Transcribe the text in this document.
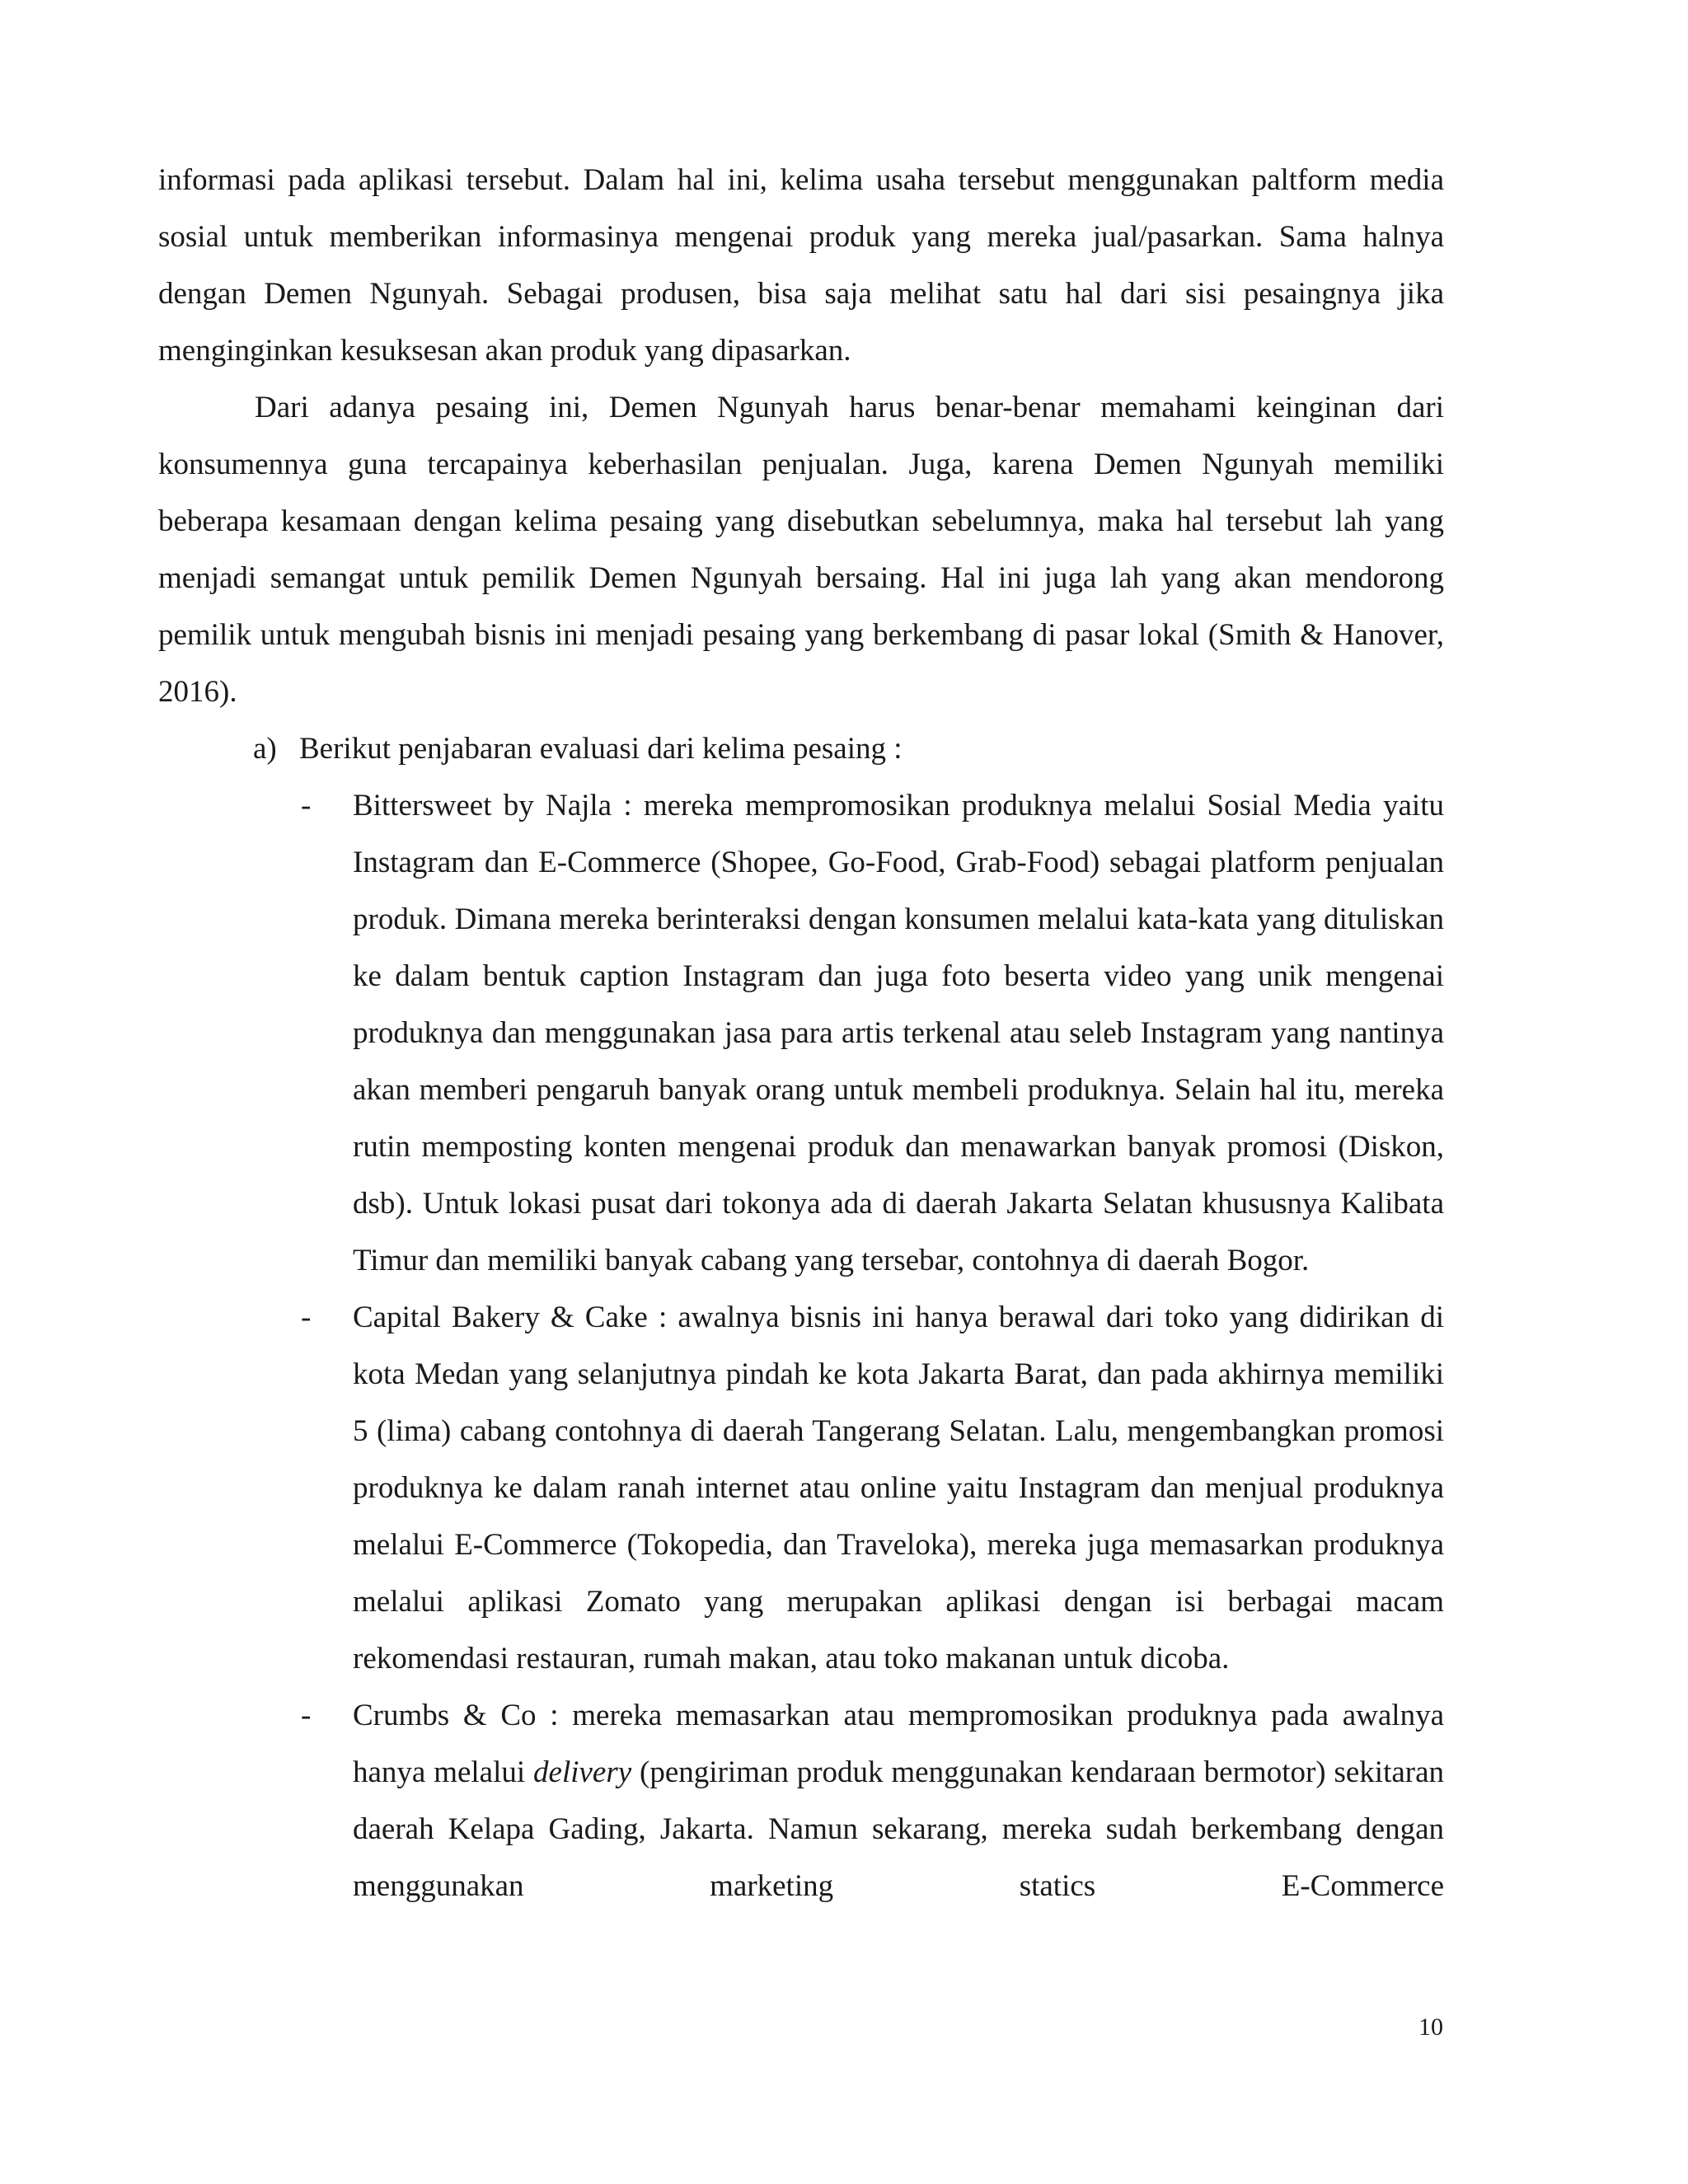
informasi pada aplikasi tersebut. Dalam hal ini, kelima usaha tersebut menggunakan paltform media sosial untuk memberikan informasinya mengenai produk yang mereka jual/pasarkan. Sama halnya dengan Demen Ngunyah. Sebagai produsen, bisa saja melihat satu hal dari sisi pesaingnya jika menginginkan kesuksesan akan produk yang dipasarkan.

Dari adanya pesaing ini, Demen Ngunyah harus benar-benar memahami keinginan dari konsumennya guna tercapainya keberhasilan penjualan. Juga, karena Demen Ngunyah memiliki beberapa kesamaan dengan kelima pesaing yang disebutkan sebelumnya, maka hal tersebut lah yang menjadi semangat untuk pemilik Demen Ngunyah bersaing. Hal ini juga lah yang akan mendorong pemilik untuk mengubah bisnis ini menjadi pesaing yang berkembang di pasar lokal (Smith & Hanover, 2016).

a) Berikut penjabaran evaluasi dari kelima pesaing :
- Bittersweet by Najla : mereka mempromosikan produknya melalui Sosial Media yaitu Instagram dan E-Commerce (Shopee, Go-Food, Grab-Food) sebagai platform penjualan produk. Dimana mereka berinteraksi dengan konsumen melalui kata-kata yang dituliskan ke dalam bentuk caption Instagram dan juga foto beserta video yang unik mengenai produknya dan menggunakan jasa para artis terkenal atau seleb Instagram yang nantinya akan memberi pengaruh banyak orang untuk membeli produknya. Selain hal itu, mereka rutin memposting konten mengenai produk dan menawarkan banyak promosi (Diskon, dsb). Untuk lokasi pusat dari tokonya ada di daerah Jakarta Selatan khususnya Kalibata Timur dan memiliki banyak cabang yang tersebar, contohnya di daerah Bogor.
- Capital Bakery & Cake : awalnya bisnis ini hanya berawal dari toko yang didirikan di kota Medan yang selanjutnya pindah ke kota Jakarta Barat, dan pada akhirnya memiliki 5 (lima) cabang contohnya di daerah Tangerang Selatan. Lalu, mengembangkan promosi produknya ke dalam ranah internet atau online yaitu Instagram dan menjual produknya melalui E-Commerce (Tokopedia, dan Traveloka), mereka juga memasarkan produknya melalui aplikasi Zomato yang merupakan aplikasi dengan isi berbagai macam rekomendasi restauran, rumah makan, atau toko makanan untuk dicoba.
- Crumbs & Co : mereka memasarkan atau mempromosikan produknya pada awalnya hanya melalui delivery (pengiriman produk menggunakan kendaraan bermotor) sekitaran daerah Kelapa Gading, Jakarta. Namun sekarang, mereka sudah berkembang dengan menggunakan marketing statics E-Commerce
10
